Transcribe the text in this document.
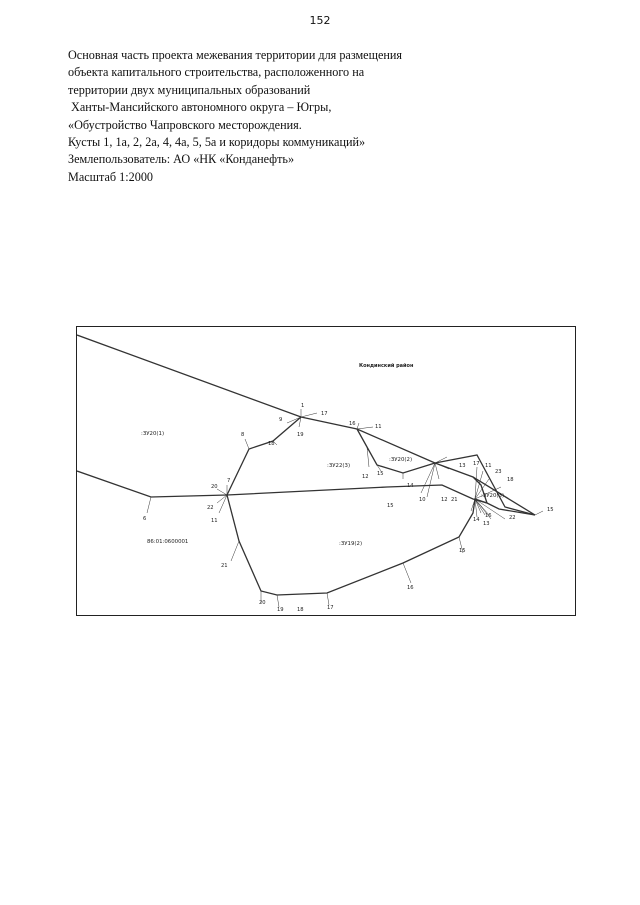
152
Основная часть проекта межевания территории для размещения
объекта капитального строительства, расположенного на
территории двух муниципальных образований
Ханты-Мансийского автономного округа – Югры,
«Обустройство Чапровского месторождения.
Кусты 1, 1а, 2, 2а, 4, 4а, 5, 5а и коридоры коммуникаций»
Землепользователь: АО «НК «Конданефть»
Масштаб 1:2000
Кондинский район
:ЗУ20(1)
:ЗУ20(2)
:ЗУ20(3)
:ЗУ22(3)
:ЗУ19(2)
86:01:0600001
1
17
9
19
8
18
16	11
12 15
13
14
10
15
12 21
17 11
23
18
22
15
14
16
13
7
20
22
11
6
21
15
16
20
19	18	17
